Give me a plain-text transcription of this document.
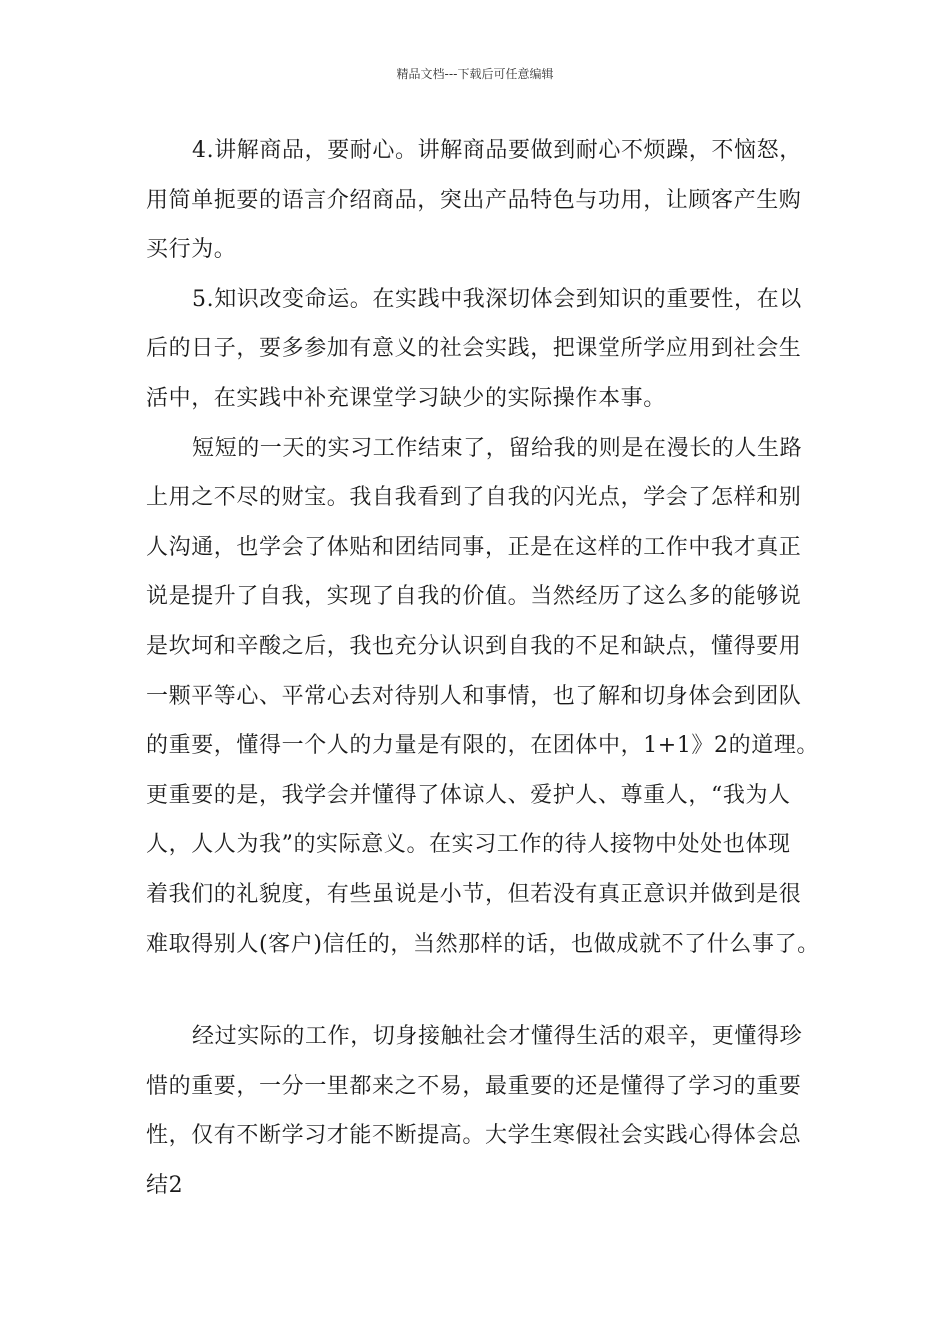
精品文档---下载后可任意编辑

4.讲解商品，要耐心。讲解商品要做到耐心不烦躁，不恼怒，
用简单扼要的语言介绍商品，突出产品特色与功用，让顾客产生购
买行为。

5.知识改变命运。在实践中我深切体会到知识的重要性，在以
后的日子，要多参加有意义的社会实践，把课堂所学应用到社会生
活中，在实践中补充课堂学习缺少的实际操作本事。

短短的一天的实习工作结束了，留给我的则是在漫长的人生路
上用之不尽的财宝。我自我看到了自我的闪光点，学会了怎样和别
人沟通，也学会了体贴和团结同事，正是在这样的工作中我才真正
说是提升了自我，实现了自我的价值。当然经历了这么多的能够说
是坎坷和辛酸之后，我也充分认识到自我的不足和缺点，懂得要用
一颗平等心、平常心去对待别人和事情，也了解和切身体会到团队
的重要，懂得一个人的力量是有限的，在团体中，1+1》2的道理。
更重要的是，我学会并懂得了体谅人、爱护人、尊重人，“我为人
人，人人为我”的实际意义。在实习工作的待人接物中处处也体现
着我们的礼貌度，有些虽说是小节，但若没有真正意识并做到是很
难取得别人(客户)信任的，当然那样的话，也做成就不了什么事了。

经过实际的工作，切身接触社会才懂得生活的艰辛，更懂得珍
惜的重要，一分一里都来之不易，最重要的还是懂得了学习的重要
性，仅有不断学习才能不断提高。大学生寒假社会实践心得体会总
结2
